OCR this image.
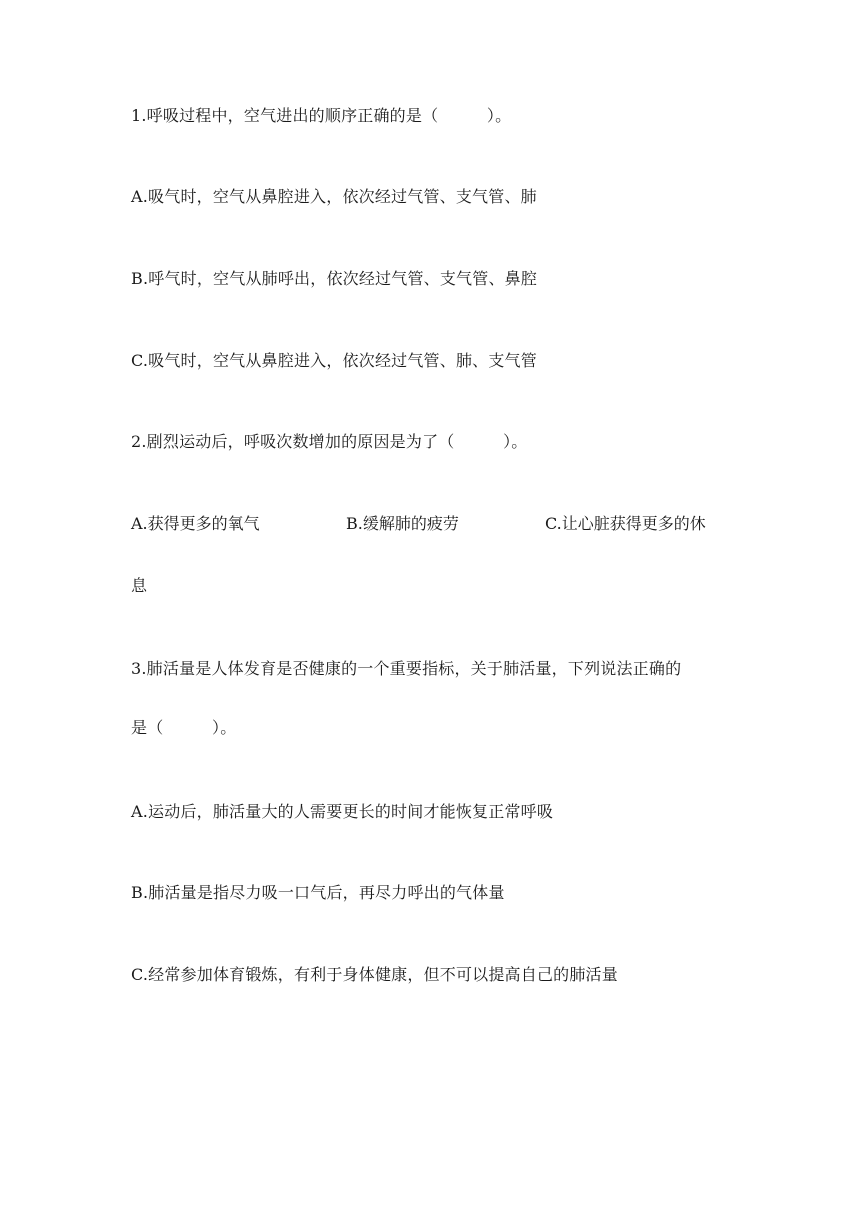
1.呼吸过程中，空气进出的顺序正确的是（　　　）。
A.吸气时，空气从鼻腔进入，依次经过气管、支气管、肺
B.呼气时，空气从肺呼出，依次经过气管、支气管、鼻腔
C.吸气时，空气从鼻腔进入，依次经过气管、肺、支气管
2.剧烈运动后，呼吸次数增加的原因是为了（　　　）。
A.获得更多的氧气	B.缓解肺的疲劳	C.让心脏获得更多的休
息
3.肺活量是人体发育是否健康的一个重要指标，关于肺活量，下列说法正确的
是（　　　）。
A.运动后，肺活量大的人需要更长的时间才能恢复正常呼吸
B.肺活量是指尽力吸一口气后，再尽力呼出的气体量
C.经常参加体育锻炼，有利于身体健康，但不可以提高自己的肺活量
